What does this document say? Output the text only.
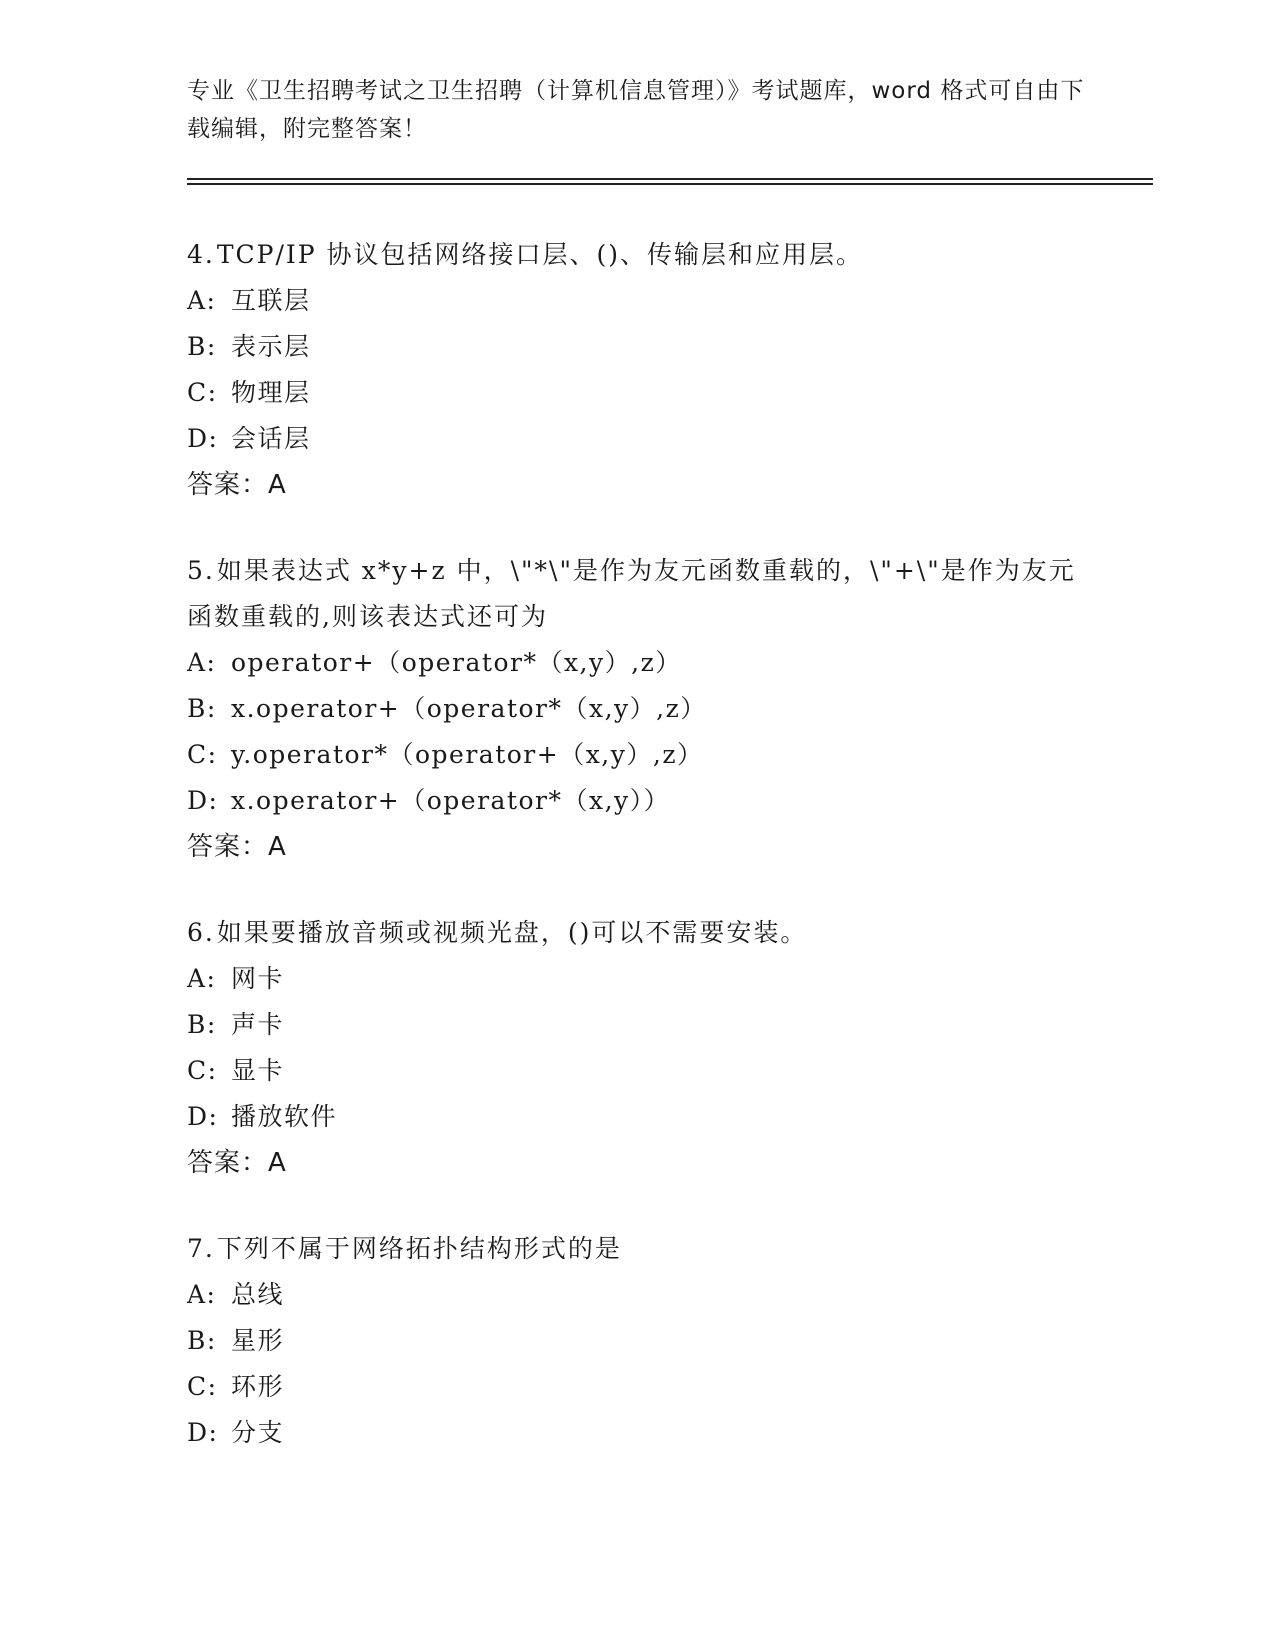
专业《卫生招聘考试之卫生招聘（计算机信息管理）》考试题库，word 格式可自由下载编辑，附完整答案！
4.TCP/IP 协议包括网络接口层、()、传输层和应用层。
A: 互联层
B: 表示层
C: 物理层
D: 会话层
答案：A
5.如果表达式 x*y+z 中，\"*\"是作为友元函数重载的，\"+\"是作为友元函数重载的,则该表达式还可为
A: operator+（operator*（x,y）,z）
B: x.operator+（operator*（x,y）,z）
C: y.operator*（operator+（x,y）,z）
D: x.operator+（operator*（x,y））
答案：A
6.如果要播放音频或视频光盘，()可以不需要安装。
A: 网卡
B: 声卡
C: 显卡
D: 播放软件
答案：A
7.下列不属于网络拓扑结构形式的是
A: 总线
B: 星形
C: 环形
D: 分支
